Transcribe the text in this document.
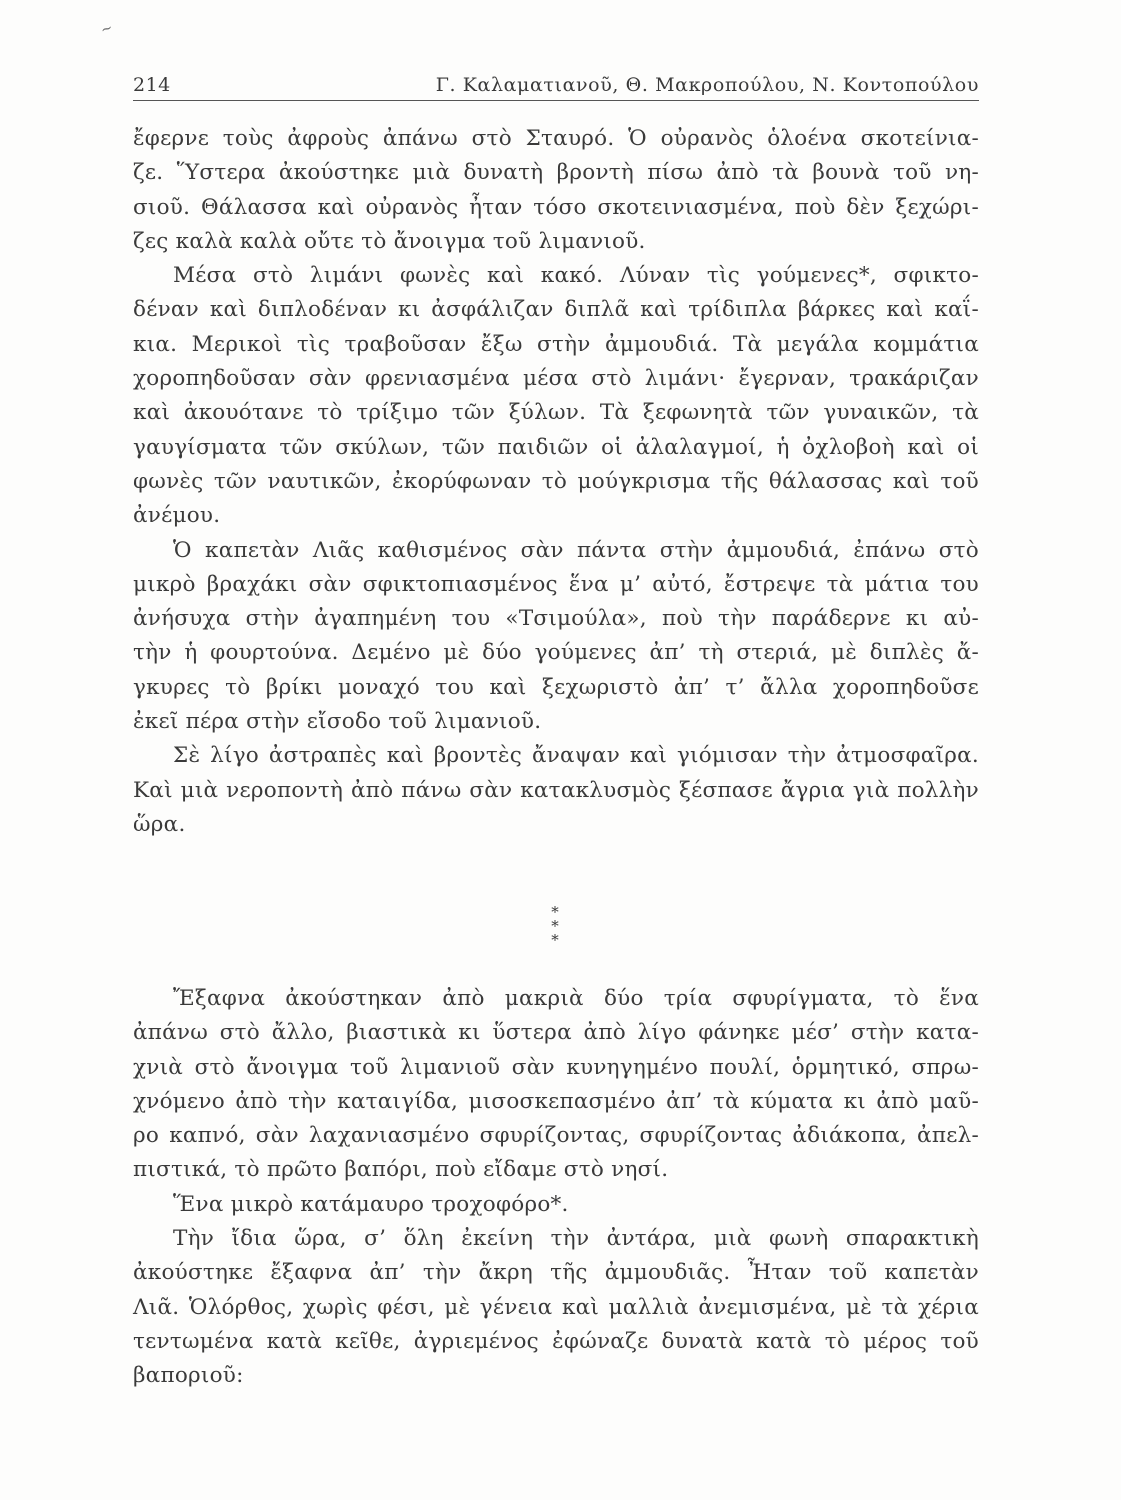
~
214	Γ. Καλαματιανοῦ, Θ. Μακροπούλου, Ν. Κοντοπούλου
ἔφερνε τοὺς ἀφροὺς ἀπάνω στὸ Σταυρό. Ὁ οὐρανὸς ὁλοένα σκοτείνια-
ζε. Ὕστερα ἀκούστηκε μιὰ δυνατὴ βροντὴ πίσω ἀπὸ τὰ βουνὰ τοῦ νη-
σιοῦ. Θάλασσα καὶ οὐρανὸς ἦταν τόσο σκοτεινιασμένα, ποὺ δὲν ξεχώρι-
ζες καλὰ καλὰ οὔτε τὸ ἄνοιγμα τοῦ λιμανιοῦ.
Μέσα στὸ λιμάνι φωνὲς καὶ κακό. Λύναν τὶς γούμενες*, σφικτο-
δέναν καὶ διπλοδέναν κι ἀσφάλιζαν διπλᾶ καὶ τρίδιπλα βάρκες καὶ καΐ-
κια. Μερικοὶ τὶς τραβοῦσαν ἔξω στὴν ἀμμουδιά. Τὰ μεγάλα κομμάτια
χοροπηδοῦσαν σὰν φρενιασμένα μέσα στὸ λιμάνι· ἔγερναν, τρακάριζαν
καὶ ἀκουότανε τὸ τρίξιμο τῶν ξύλων. Τὰ ξεφωνητὰ τῶν γυναικῶν, τὰ
γαυγίσματα τῶν σκύλων, τῶν παιδιῶν οἱ ἀλαλαγμοί, ἡ ὀχλοβοὴ καὶ οἱ
φωνὲς τῶν ναυτικῶν, ἐκορύφωναν τὸ μούγκρισμα τῆς θάλασσας καὶ τοῦ
ἀνέμου.
Ὁ καπετὰν Λιᾶς καθισμένος σὰν πάντα στὴν ἀμμουδιά, ἐπάνω στὸ
μικρὸ βραχάκι σὰν σφικτοπιασμένος ἕνα μ’ αὐτό, ἔστρεψε τὰ μάτια του
ἀνήσυχα στὴν ἀγαπημένη του «Τσιμούλα», ποὺ τὴν παράδερνε κι αὐ-
τὴν ἡ φουρτούνα. Δεμένο μὲ δύο γούμενες ἀπ’ τὴ στεριά, μὲ διπλὲς ἄ-
γκυρες τὸ βρίκι μοναχό του καὶ ξεχωριστὸ ἀπ’ τ’ ἄλλα χοροπηδοῦσε
ἐκεῖ πέρα στὴν εἴσοδο τοῦ λιμανιοῦ.
Σὲ λίγο ἀστραπὲς καὶ βροντὲς ἄναψαν καὶ γιόμισαν τὴν ἀτμοσφαῖρα.
Καὶ μιὰ νεροποντὴ ἀπὸ πάνω σὰν κατακλυσμὸς ξέσπασε ἄγρια γιὰ πολλὴν
ὥρα.
*
* *
Ἔξαφνα ἀκούστηκαν ἀπὸ μακριὰ δύο τρία σφυρίγματα, τὸ ἕνα
ἀπάνω στὸ ἄλλο, βιαστικὰ κι ὕστερα ἀπὸ λίγο φάνηκε μέσ’ στὴν κατα-
χνιὰ στὸ ἄνοιγμα τοῦ λιμανιοῦ σὰν κυνηγημένο πουλί, ὁρμητικό, σπρω-
χνόμενο ἀπὸ τὴν καταιγίδα, μισοσκεπασμένο ἀπ’ τὰ κύματα κι ἀπὸ μαῦ-
ρο καπνό, σὰν λαχανιασμένο σφυρίζοντας, σφυρίζοντας ἀδιάκοπα, ἀπελ-
πιστικά, τὸ πρῶτο βαπόρι, ποὺ εἴδαμε στὸ νησί.
Ἕνα μικρὸ κατάμαυρο τροχοφόρο*.
Τὴν ἴδια ὥρα, σ’ ὅλη ἐκείνη τὴν ἀντάρα, μιὰ φωνὴ σπαρακτικὴ
ἀκούστηκε ἔξαφνα ἀπ’ τὴν ἄκρη τῆς ἀμμουδιᾶς. Ἦταν τοῦ καπετὰν
Λιᾶ. Ὁλόρθος, χωρὶς φέσι, μὲ γένεια καὶ μαλλιὰ ἀνεμισμένα, μὲ τὰ χέρια
τεντωμένα κατὰ κεῖθε, ἀγριεμένος ἐφώναζε δυνατὰ κατὰ τὸ μέρος τοῦ
βαποριοῦ:
